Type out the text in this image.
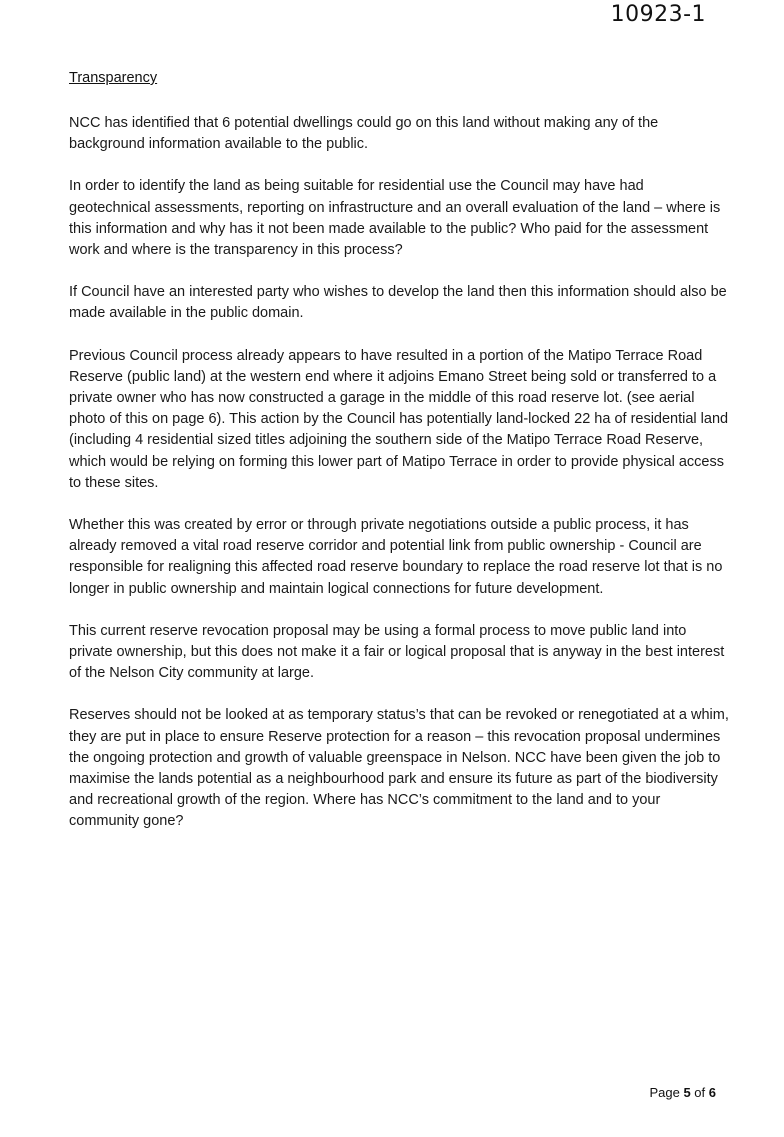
10923-1
Transparency

NCC has identified that 6 potential dwellings could go on this land without making any of the background information available to the public.

In order to identify the land as being suitable for residential use the Council may have had geotechnical assessments, reporting on infrastructure and an overall evaluation of the land – where is this information and why has it not been made available to the public? Who paid for the assessment work and where is the transparency in this process?

If Council have an interested party who wishes to develop the land then this information should also be made available in the public domain.

Previous Council process already appears to have resulted in a portion of the Matipo Terrace Road Reserve (public land) at the western end where it adjoins Emano Street being sold or transferred to a private owner who has now constructed a garage in the middle of this road reserve lot. (see aerial photo of this on page 6). This action by the Council has potentially land-locked 22 ha of residential land (including 4 residential sized titles adjoining the southern side of the Matipo Terrace Road Reserve, which would be relying on forming this lower part of Matipo Terrace in order to provide physical access to these sites.

Whether this was created by error or through private negotiations outside a public process, it has already removed a vital road reserve corridor and potential link from public ownership - Council are responsible for realigning this affected road reserve boundary to replace the road reserve lot that is no longer in public ownership and maintain logical connections for future development.

This current reserve revocation proposal may be using a formal process to move public land into private ownership, but this does not make it a fair or logical proposal that is anyway in the best interest of the Nelson City community at large.

Reserves should not be looked at as temporary status’s that can be revoked or renegotiated at a whim, they are put in place to ensure Reserve protection for a reason – this revocation proposal undermines the ongoing protection and growth of valuable greenspace in Nelson. NCC have been given the job to maximise the lands potential as a neighbourhood park and ensure its future as part of the biodiversity and recreational growth of the region. Where has NCC’s commitment to the land and to your community gone?

Page 5 of 6
